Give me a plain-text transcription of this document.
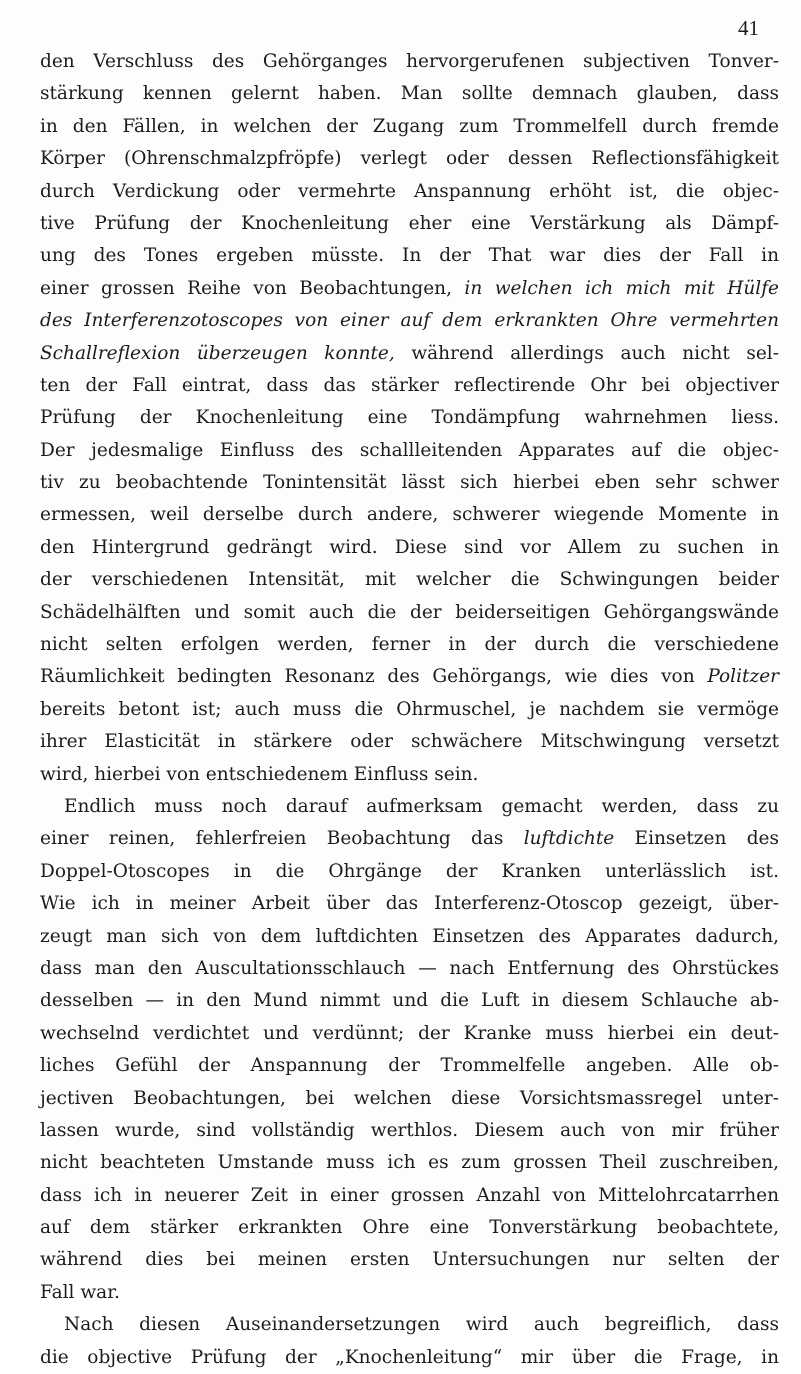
41
den Verschluss des Gehörganges hervorgerufenen subjectiven Tonver-
stärkung kennen gelernt haben. Man sollte demnach glauben, dass
in den Fällen, in welchen der Zugang zum Trommelfell durch fremde
Körper (Ohrenschmalzpfröpfe) verlegt oder dessen Reflectionsfähigkeit
durch Verdickung oder vermehrte Anspannung erhöht ist, die objec-
tive Prüfung der Knochenleitung eher eine Verstärkung als Dämpf-
ung des Tones ergeben müsste. In der That war dies der Fall in
einer grossen Reihe von Beobachtungen, in welchen ich mich mit Hülfe
des Interferenzotoscopes von einer auf dem erkrankten Ohre vermehrten
Schallreflexion überzeugen konnte, während allerdings auch nicht sel-
ten der Fall eintrat, dass das stärker reflectirende Ohr bei objectiver
Prüfung der Knochenleitung eine Tondämpfung wahrnehmen liess.
Der jedesmalige Einfluss des schallleitenden Apparates auf die objec-
tiv zu beobachtende Tonintensität lässt sich hierbei eben sehr schwer
ermessen, weil derselbe durch andere, schwerer wiegende Momente in
den Hintergrund gedrängt wird. Diese sind vor Allem zu suchen in
der verschiedenen Intensität, mit welcher die Schwingungen beider
Schädelhälften und somit auch die der beiderseitigen Gehörgangswände
nicht selten erfolgen werden, ferner in der durch die verschiedene
Räumlichkeit bedingten Resonanz des Gehörgangs, wie dies von Politzer
bereits betont ist; auch muss die Ohrmuschel, je nachdem sie vermöge
ihrer Elasticität in stärkere oder schwächere Mitschwingung versetzt
wird, hierbei von entschiedenem Einfluss sein.
Endlich muss noch darauf aufmerksam gemacht werden, dass zu
einer reinen, fehlerfreien Beobachtung das luftdichte Einsetzen des
Doppel-Otoscopes in die Ohrgänge der Kranken unterlässlich ist.
Wie ich in meiner Arbeit über das Interferenz-Otoscop gezeigt, über-
zeugt man sich von dem luftdichten Einsetzen des Apparates dadurch,
dass man den Auscultationsschlauch — nach Entfernung des Ohrstückes
desselben — in den Mund nimmt und die Luft in diesem Schlauche ab-
wechselnd verdichtet und verdünnt; der Kranke muss hierbei ein deut-
liches Gefühl der Anspannung der Trommelfelle angeben. Alle ob-
jectiven Beobachtungen, bei welchen diese Vorsichtsmassregel unter-
lassen wurde, sind vollständig werthlos. Diesem auch von mir früher
nicht beachteten Umstande muss ich es zum grossen Theil zuschreiben,
dass ich in neuerer Zeit in einer grossen Anzahl von Mittelohrcatarrhen
auf dem stärker erkrankten Ohre eine Tonverstärkung beobachtete,
während dies bei meinen ersten Untersuchungen nur selten der
Fall war.
Nach diesen Auseinandersetzungen wird auch begreiflich, dass
die objective Prüfung der „Knochenleitung“ mir über die Frage, in
